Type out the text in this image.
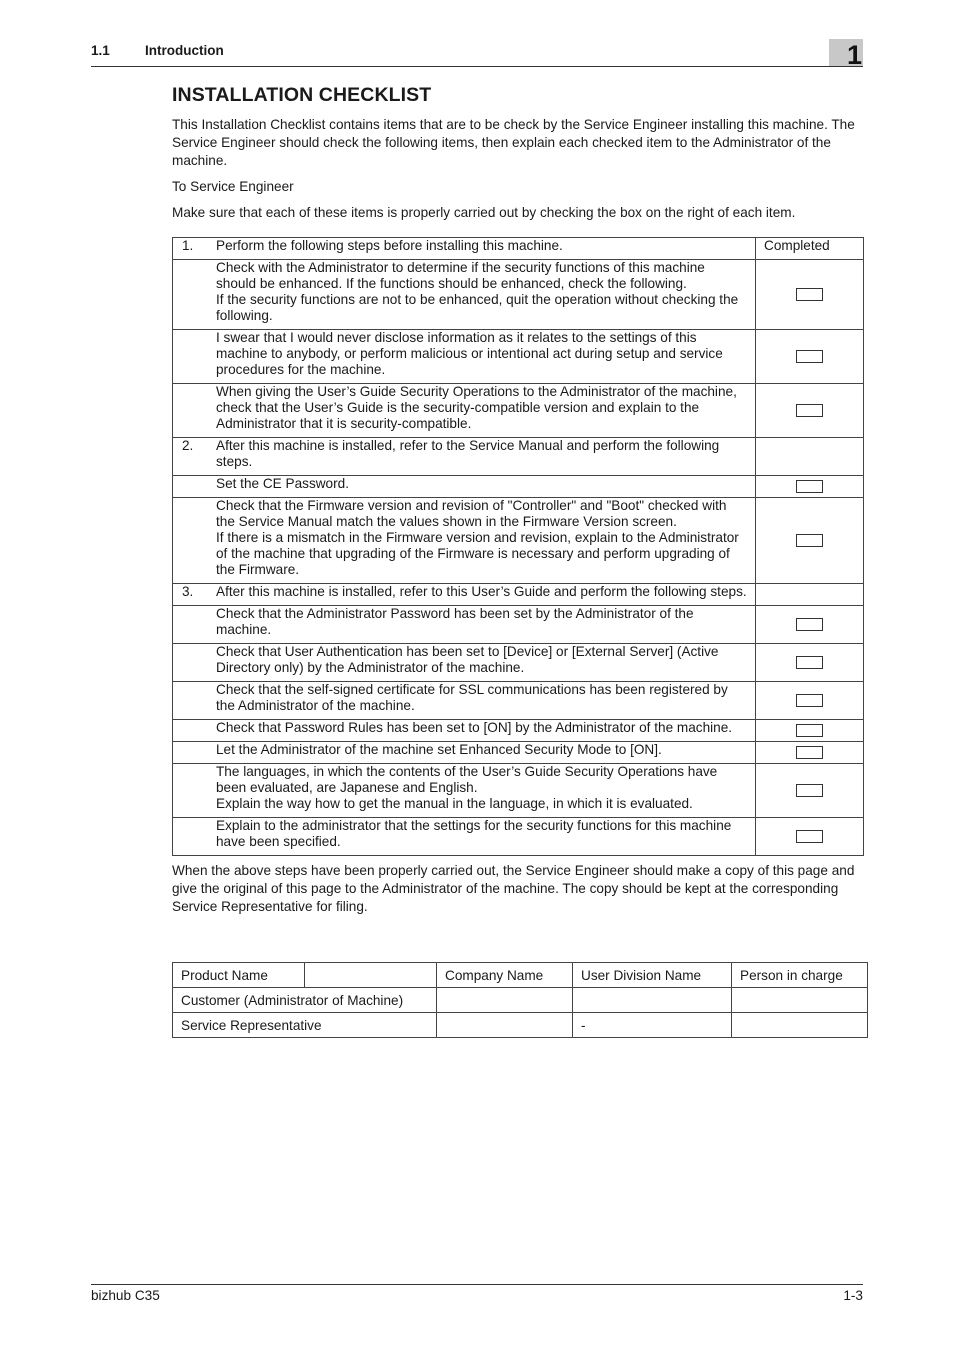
1.1	Introduction	1
INSTALLATION CHECKLIST

This Installation Checklist contains items that are to be check by the Service Engineer installing this machine. The Service Engineer should check the following items, then explain each checked item to the Administrator of the machine.

To Service Engineer

Make sure that each of these items is properly carried out by checking the box on the right of each item.

1. Perform the following steps before installing this machine.	Completed

Check with the Administrator to determine if the security functions of this machine should be enhanced. If the functions should be enhanced, check the following.
If the security functions are not to be enhanced, quit the operation without checking the following.	

I swear that I would never disclose information as it relates to the settings of this machine to anybody, or perform malicious or intentional act during setup and service procedures for the machine.	

When giving the User’s Guide Security Operations to the Administrator of the machine, check that the User’s Guide is the security-compatible version and explain to the Administrator that it is security-compatible.	

2. After this machine is installed, refer to the Service Manual and perform the following steps.	

Set the CE Password.	

Check that the Firmware version and revision of "Controller" and "Boot" checked with the Service Manual match the values shown in the Firmware Version screen.
If there is a mismatch in the Firmware version and revision, explain to the Administrator of the machine that upgrading of the Firmware is necessary and perform upgrading of the Firmware.	

3. After this machine is installed, refer to this User’s Guide and perform the following steps.	

Check that the Administrator Password has been set by the Administrator of the machine.	

Check that User Authentication has been set to [Device] or [External Server] (Active Directory only) by the Administrator of the machine.	

Check that the self-signed certificate for SSL communications has been registered by the Administrator of the machine.	

Check that Password Rules has been set to [ON] by the Administrator of the machine.	

Let the Administrator of the machine set Enhanced Security Mode to [ON].	

The languages, in which the contents of the User’s Guide Security Operations have been evaluated, are Japanese and English.
Explain the way how to get the manual in the language, in which it is evaluated.	

Explain to the administrator that the settings for the security functions for this machine have been specified.	

When the above steps have been properly carried out, the Service Engineer should make a copy of this page and give the original of this page to the Administrator of the machine. The copy should be kept at the corresponding Service Representative for filing.

Product Name		Company Name	User Division Name	Person in charge
Customer (Administrator of Machine)				
Service Representative			-	
bizhub C35	1-3
